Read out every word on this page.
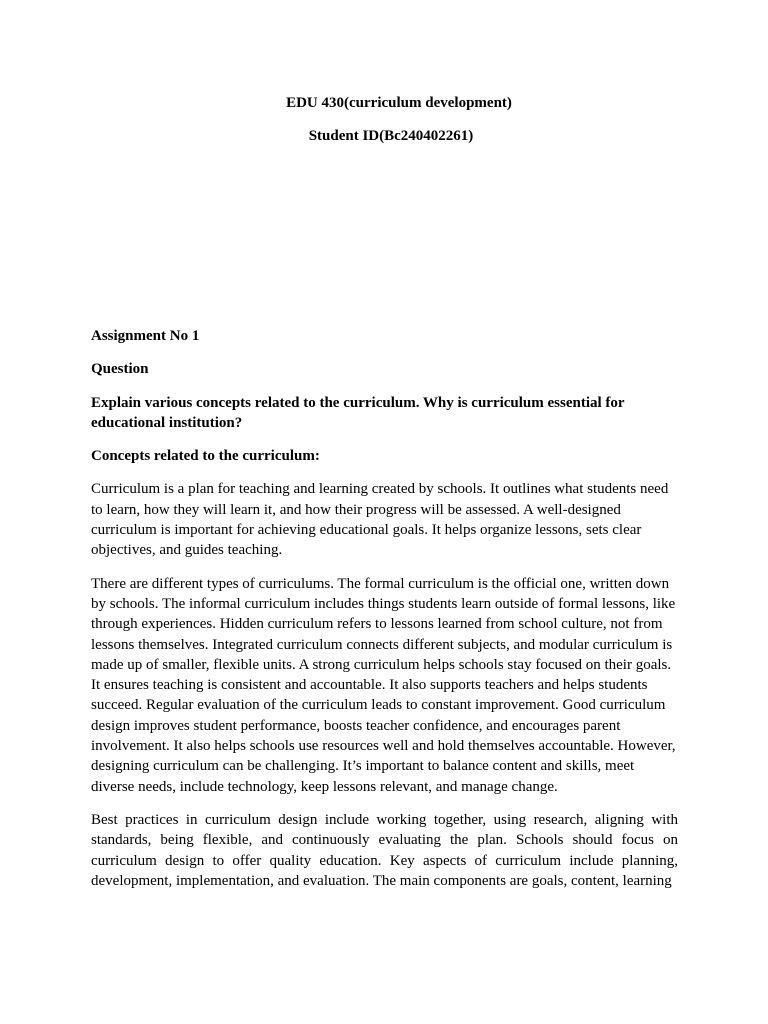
EDU 430(curriculum development)
Student ID(Bc240402261)

Assignment No 1

Question

Explain various concepts related to the curriculum. Why is curriculum essential for educational institution?

Concepts related to the curriculum:

Curriculum is a plan for teaching and learning created by schools. It outlines what students need to learn, how they will learn it, and how their progress will be assessed. A well-designed curriculum is important for achieving educational goals. It helps organize lessons, sets clear objectives, and guides teaching.

There are different types of curriculums. The formal curriculum is the official one, written down by schools. The informal curriculum includes things students learn outside of formal lessons, like through experiences. Hidden curriculum refers to lessons learned from school culture, not from lessons themselves. Integrated curriculum connects different subjects, and modular curriculum is made up of smaller, flexible units. A strong curriculum helps schools stay focused on their goals. It ensures teaching is consistent and accountable. It also supports teachers and helps students succeed. Regular evaluation of the curriculum leads to constant improvement. Good curriculum design improves student performance, boosts teacher confidence, and encourages parent involvement. It also helps schools use resources well and hold themselves accountable. However, designing curriculum can be challenging. It’s important to balance content and skills, meet diverse needs, include technology, keep lessons relevant, and manage change.

Best practices in curriculum design include working together, using research, aligning with standards, being flexible, and continuously evaluating the plan. Schools should focus on curriculum design to offer quality education. Key aspects of curriculum include planning, development, implementation, and evaluation. The main components are goals, content, learning
